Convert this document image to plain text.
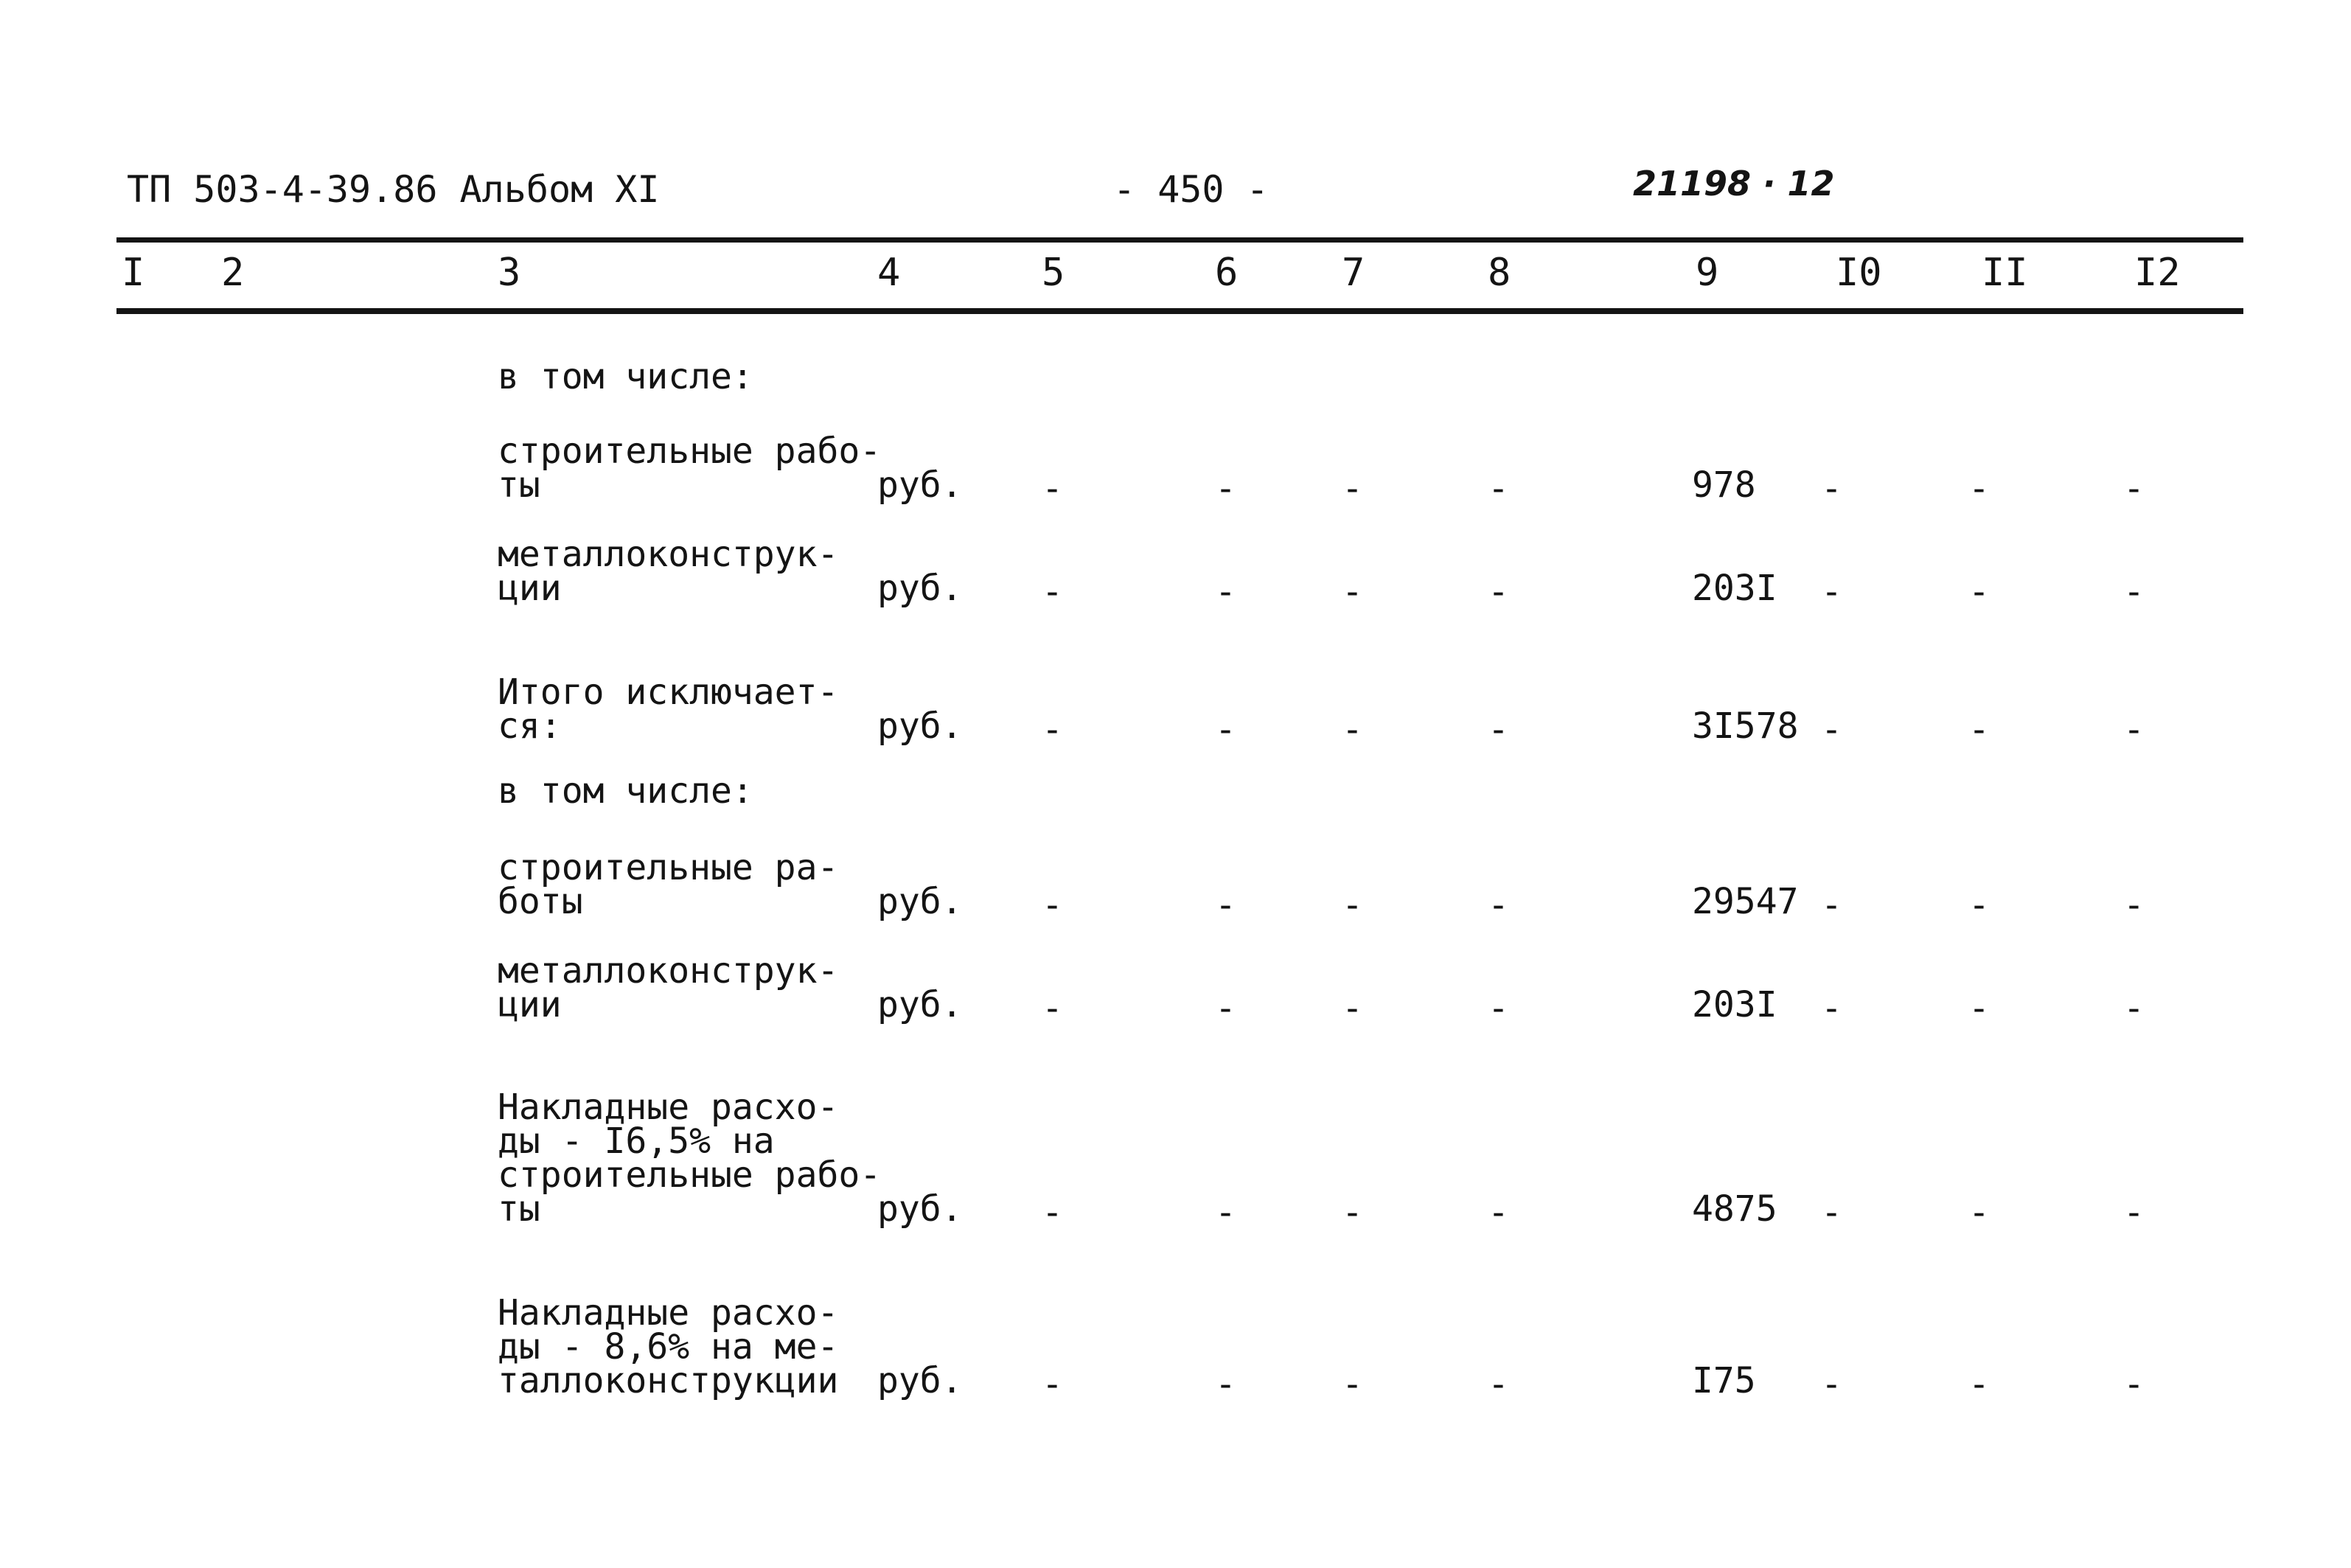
ТП 503-4-39.86 Альбом XI	- 450 -	21198 · 12
I 2	3	4	5	6	7	8	9	I0	II	I2
в том числе:
строительные рабо-
ты	руб. -	-	-	-	978 -	-	-
металлоконструк-
ции	руб. -	-	-	-	203I -	-	-
Итого исключает-
ся:	руб. -	-	-	-	3I578 -	-	-
в том числе:
строительные ра-
боты	руб. -	-	-	-	29547 -	-	-
металлоконструк-
ции	руб. -	-	-	-	203I -	-	-
Накладные расхо-
ды - I6,5% на
строительные рабо-
ты	руб. -	-	-	-	4875 -	-	-
Накладные расхо-
ды - 8,6% на ме-
таллоконструкции руб. -	-	-	-	I75 -	-	-
